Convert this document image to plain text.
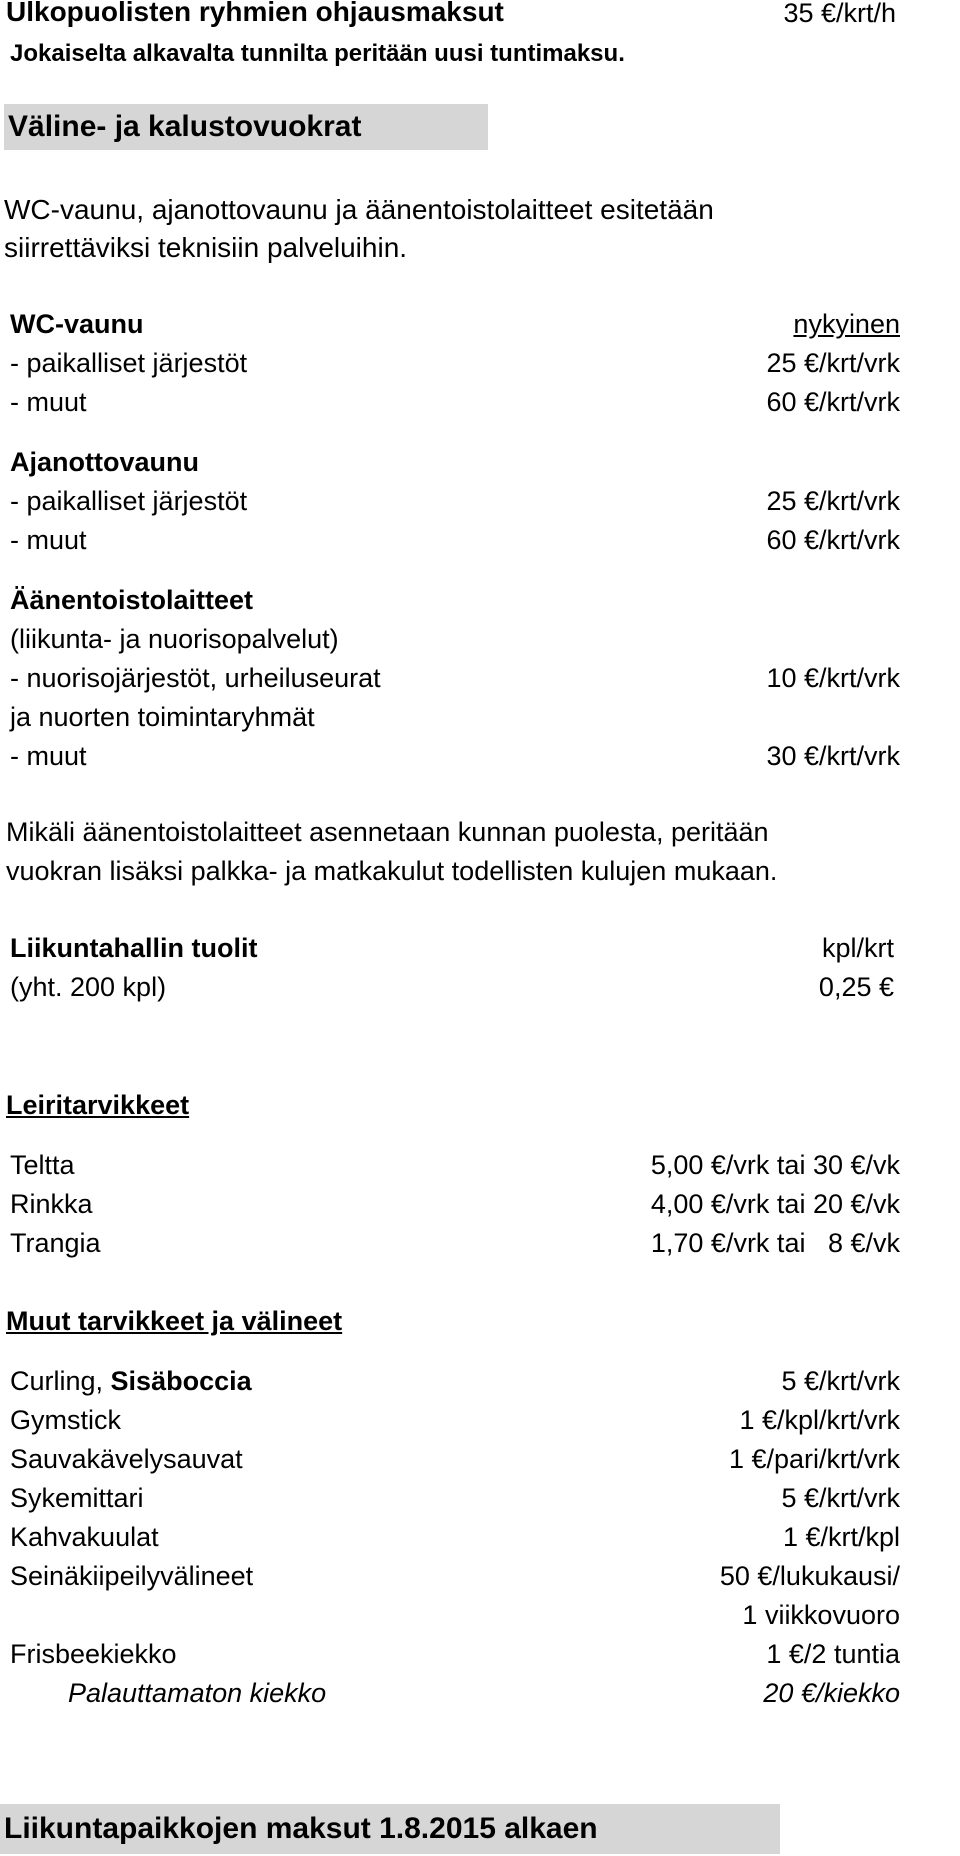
Ulkopuolisten ryhmien ohjausmaksut	35 €/krt/h
Jokaiselta alkavalta tunnilta peritään uusi tuntimaksu.
Väline- ja kalustovuokrat
WC-vaunu, ajanottovaunu ja äänentoistolaitteet esitetään
siirrettäviksi teknisiin palveluihin.
WC-vaunu	nykyinen
- paikalliset järjestöt	25 €/krt/vrk
- muut	60 €/krt/vrk
Ajanottovaunu
- paikalliset järjestöt	25 €/krt/vrk
- muut	60 €/krt/vrk
Äänentoistolaitteet
(liikunta- ja nuorisopalvelut)
- nuorisojärjestöt, urheiluseurat	10 €/krt/vrk
ja nuorten toimintaryhmät
- muut	30 €/krt/vrk
Mikäli äänentoistolaitteet asennetaan kunnan puolesta, peritään
vuokran lisäksi palkka- ja matkakulut todellisten kulujen mukaan.
Liikuntahallin tuolit	kpl/krt
(yht. 200 kpl)	0,25 €
Leiritarvikkeet
Teltta	5,00 €/vrk tai 30 €/vk
Rinkka	4,00 €/vrk tai 20 €/vk
Trangia	1,70 €/vrk tai   8 €/vk
Muut tarvikkeet ja välineet
Curling, Sisäboccia	5 €/krt/vrk
Gymstick	1 €/kpl/krt/vrk
Sauvakävelysauvat	1 €/pari/krt/vrk
Sykemittari	5 €/krt/vrk
Kahvakuulat	1 €/krt/kpl
Seinäkiipeilyvälineet	50 €/lukukausi/
1 viikkovuoro
Frisbeekiekko	1 €/2 tuntia
Palauttamaton kiekko	20 €/kiekko
Liikuntapaikkojen maksut 1.8.2015 alkaen
